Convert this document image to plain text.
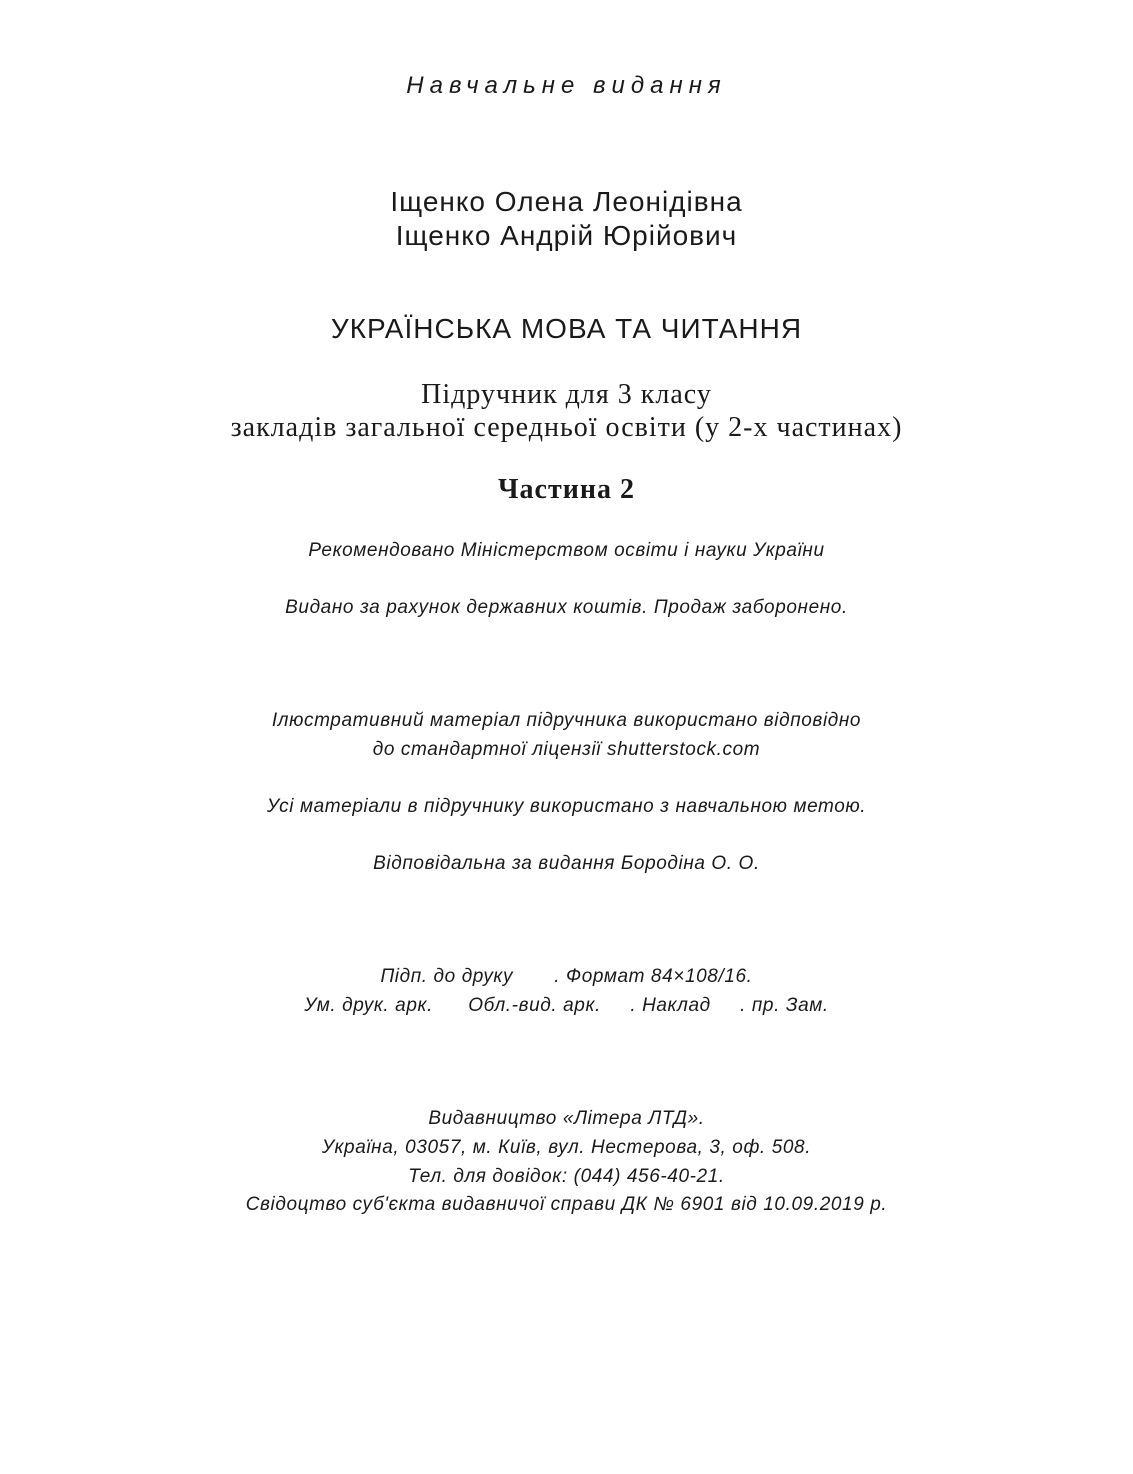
Навчальне видання

Іщенко Олена Леонідівна

Іщенко Андрій Юрійович

УКРАЇНСЬКА МОВА ТА ЧИТАННЯ

Підручник для 3 класу

закладів загальної середньої освіти (у 2-х частинах)

Частина 2

Рекомендовано Міністерством освіти і науки України

Видано за рахунок державних коштів. Продаж заборонено.

Ілюстративний матеріал підручника використано відповідно

до стандартної ліцензії shutterstock.com

Усі матеріали в підручнику використано з навчальною метою.

Відповідальна за видання Бородіна О. О.

Підп. до друку       . Формат 84×108/16.

Ум. друк. арк.      Обл.-вид. арк.     . Наклад     . пр. Зам.

Видавництво «Літера ЛТД».

Україна, 03057, м. Київ, вул. Нестерова, 3, оф. 508.

Тел. для довідок: (044) 456-40-21.

Свідоцтво суб'єкта видавничої справи ДК № 6901 від 10.09.2019 р.
